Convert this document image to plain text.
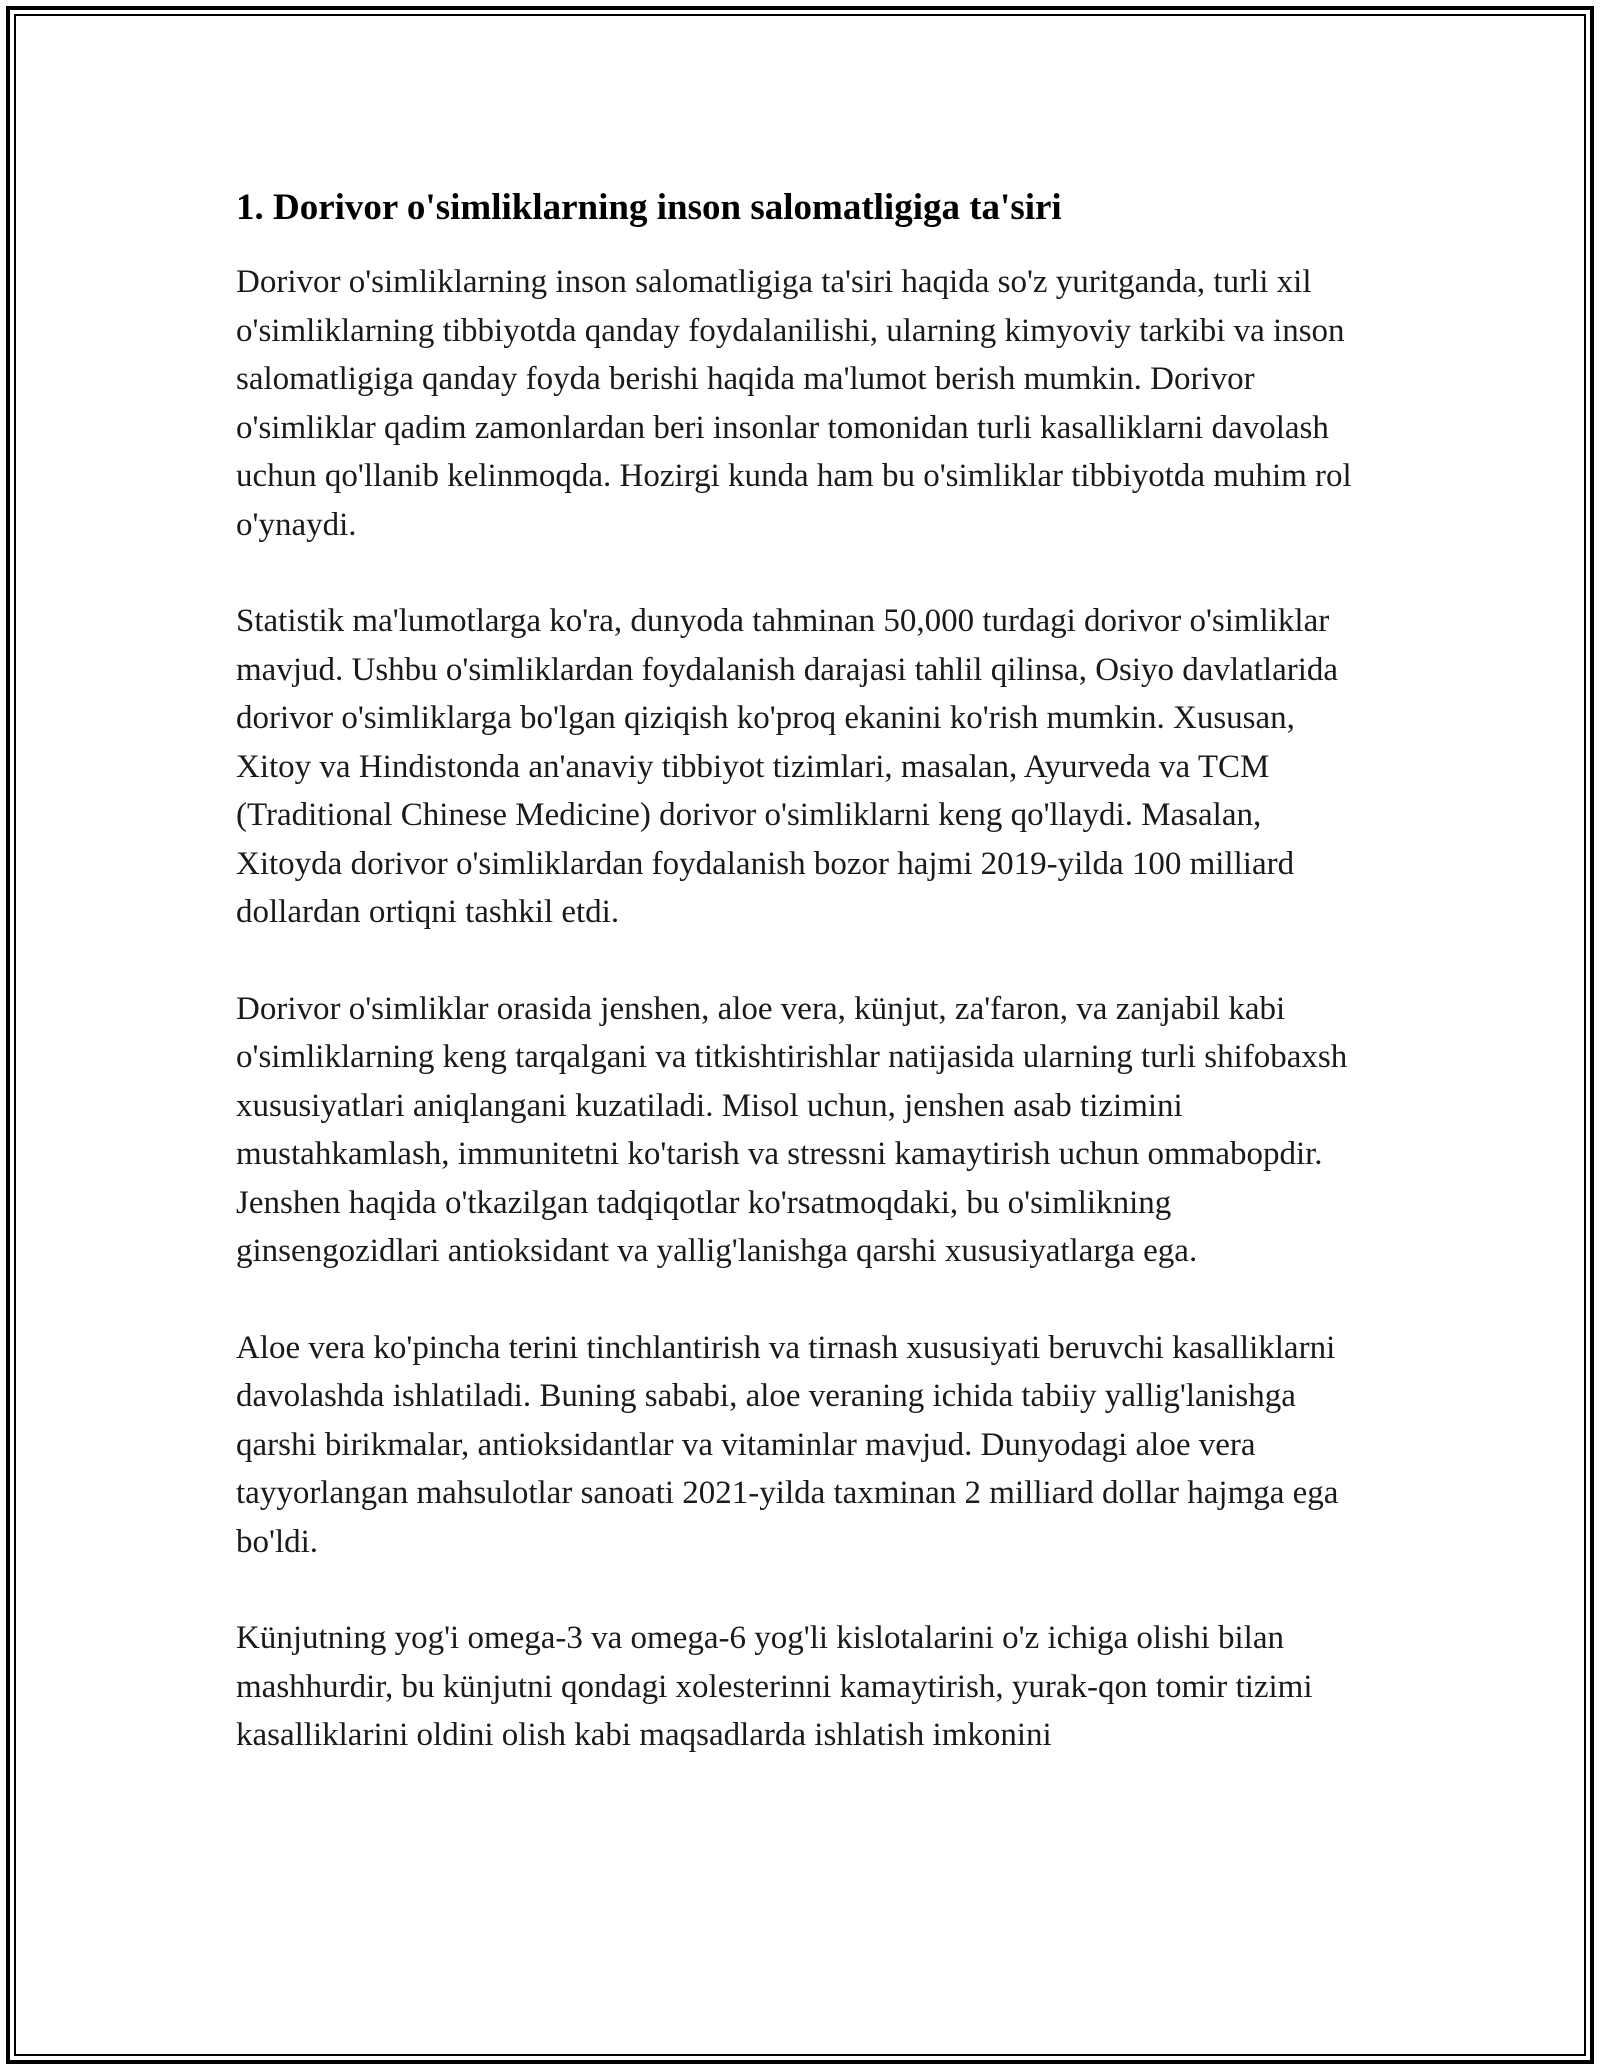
1. Dorivor o'simliklarning inson salomatligiga ta'siri

Dorivor o'simliklarning inson salomatligiga ta'siri haqida so'z yuritganda, turli xil o'simliklarning tibbiyotda qanday foydalanilishi, ularning kimyoviy tarkibi va inson salomatligiga qanday foyda berishi haqida ma'lumot berish mumkin. Dorivor o'simliklar qadim zamonlardan beri insonlar tomonidan turli kasalliklarni davolash uchun qo'llanib kelinmoqda. Hozirgi kunda ham bu o'simliklar tibbiyotda muhim rol o'ynaydi.

Statistik ma'lumotlarga ko'ra, dunyoda tahminan 50,000 turdagi dorivor o'simliklar mavjud. Ushbu o'simliklardan foydalanish darajasi tahlil qilinsa, Osiyo davlatlarida dorivor o'simliklarga bo'lgan qiziqish ko'proq ekanini ko'rish mumkin. Xususan, Xitoy va Hindistonda an'anaviy tibbiyot tizimlari, masalan, Ayurveda va TCM (Traditional Chinese Medicine) dorivor o'simliklarni keng qo'llaydi. Masalan, Xitoyda dorivor o'simliklardan foydalanish bozor hajmi 2019-yilda 100 milliard dollardan ortiqni tashkil etdi.

Dorivor o'simliklar orasida jenshen, aloe vera, künjut, za'faron, va zanjabil kabi o'simliklarning keng tarqalgani va titkishtirishlar natijasida ularning turli shifobaxsh xususiyatlari aniqlangani kuzatiladi. Misol uchun, jenshen asab tizimini mustahkamlash, immunitetni ko'tarish va stressni kamaytirish uchun ommabopdir. Jenshen haqida o'tkazilgan tadqiqotlar ko'rsatmoqdaki, bu o'simlikning ginsengozidlari antioksidant va yallig'lanishga qarshi xususiyatlarga ega.

Aloe vera ko'pincha terini tinchlantirish va tirnash xususiyati beruvchi kasalliklarni davolashda ishlatiladi. Buning sababi, aloe veraning ichida tabiiy yallig'lanishga qarshi birikmalar, antioksidantlar va vitaminlar mavjud. Dunyodagi aloe vera tayyorlangan mahsulotlar sanoati 2021-yilda taxminan 2 milliard dollar hajmga ega bo'ldi.

Künjutning yog'i omega-3 va omega-6 yog'li kislotalarini o'z ichiga olishi bilan mashhurdir, bu künjutni qondagi xolesterinni kamaytirish, yurak-qon tomir tizimi kasalliklarini oldini olish kabi maqsadlarda ishlatish imkonini
